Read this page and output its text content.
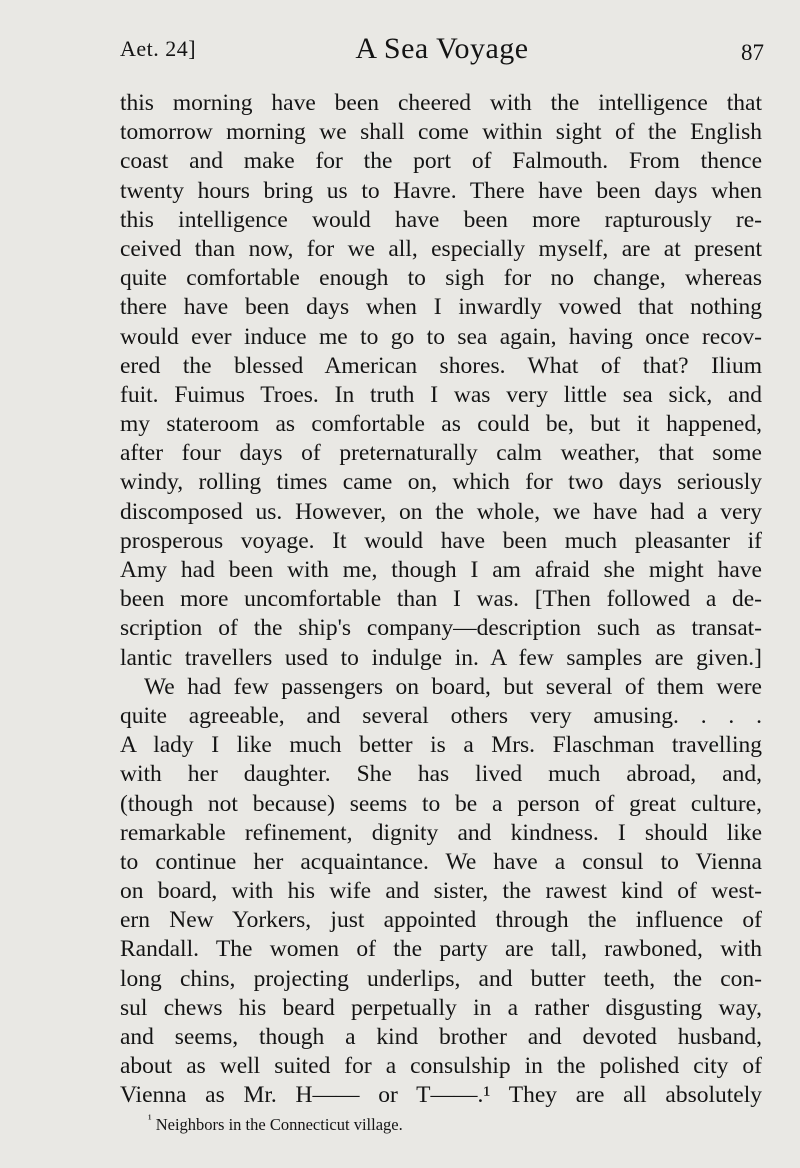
Aet. 24]	A Sea Voyage	87
this morning have been cheered with the intelligence that
tomorrow morning we shall come within sight of the English
coast and make for the port of Falmouth. From thence
twenty hours bring us to Havre. There have been days when
this intelligence would have been more rapturously re-
ceived than now, for we all, especially myself, are at present
quite comfortable enough to sigh for no change, whereas
there have been days when I inwardly vowed that nothing
would ever induce me to go to sea again, having once recov-
ered the blessed American shores. What of that? Ilium
fuit. Fuimus Troes. In truth I was very little sea sick, and
my stateroom as comfortable as could be, but it happened,
after four days of preternaturally calm weather, that some
windy, rolling times came on, which for two days seriously
discomposed us. However, on the whole, we have had a very
prosperous voyage. It would have been much pleasanter if
Amy had been with me, though I am afraid she might have
been more uncomfortable than I was. [Then followed a de-
scription of the ship's company—description such as transat-
lantic travellers used to indulge in. A few samples are given.]
We had few passengers on board, but several of them were
quite agreeable, and several others very amusing. . . .
A lady I like much better is a Mrs. Flaschman travelling
with her daughter. She has lived much abroad, and,
(though not because) seems to be a person of great culture,
remarkable refinement, dignity and kindness. I should like
to continue her acquaintance. We have a consul to Vienna
on board, with his wife and sister, the rawest kind of west-
ern New Yorkers, just appointed through the influence of
Randall. The women of the party are tall, rawboned, with
long chins, projecting underlips, and butter teeth, the con-
sul chews his beard perpetually in a rather disgusting way,
and seems, though a kind brother and devoted husband,
about as well suited for a consulship in the polished city of
Vienna as Mr. H—— or T——.¹ They are all absolutely
$^{^1}$ Neighbors in the Connecticut village.
